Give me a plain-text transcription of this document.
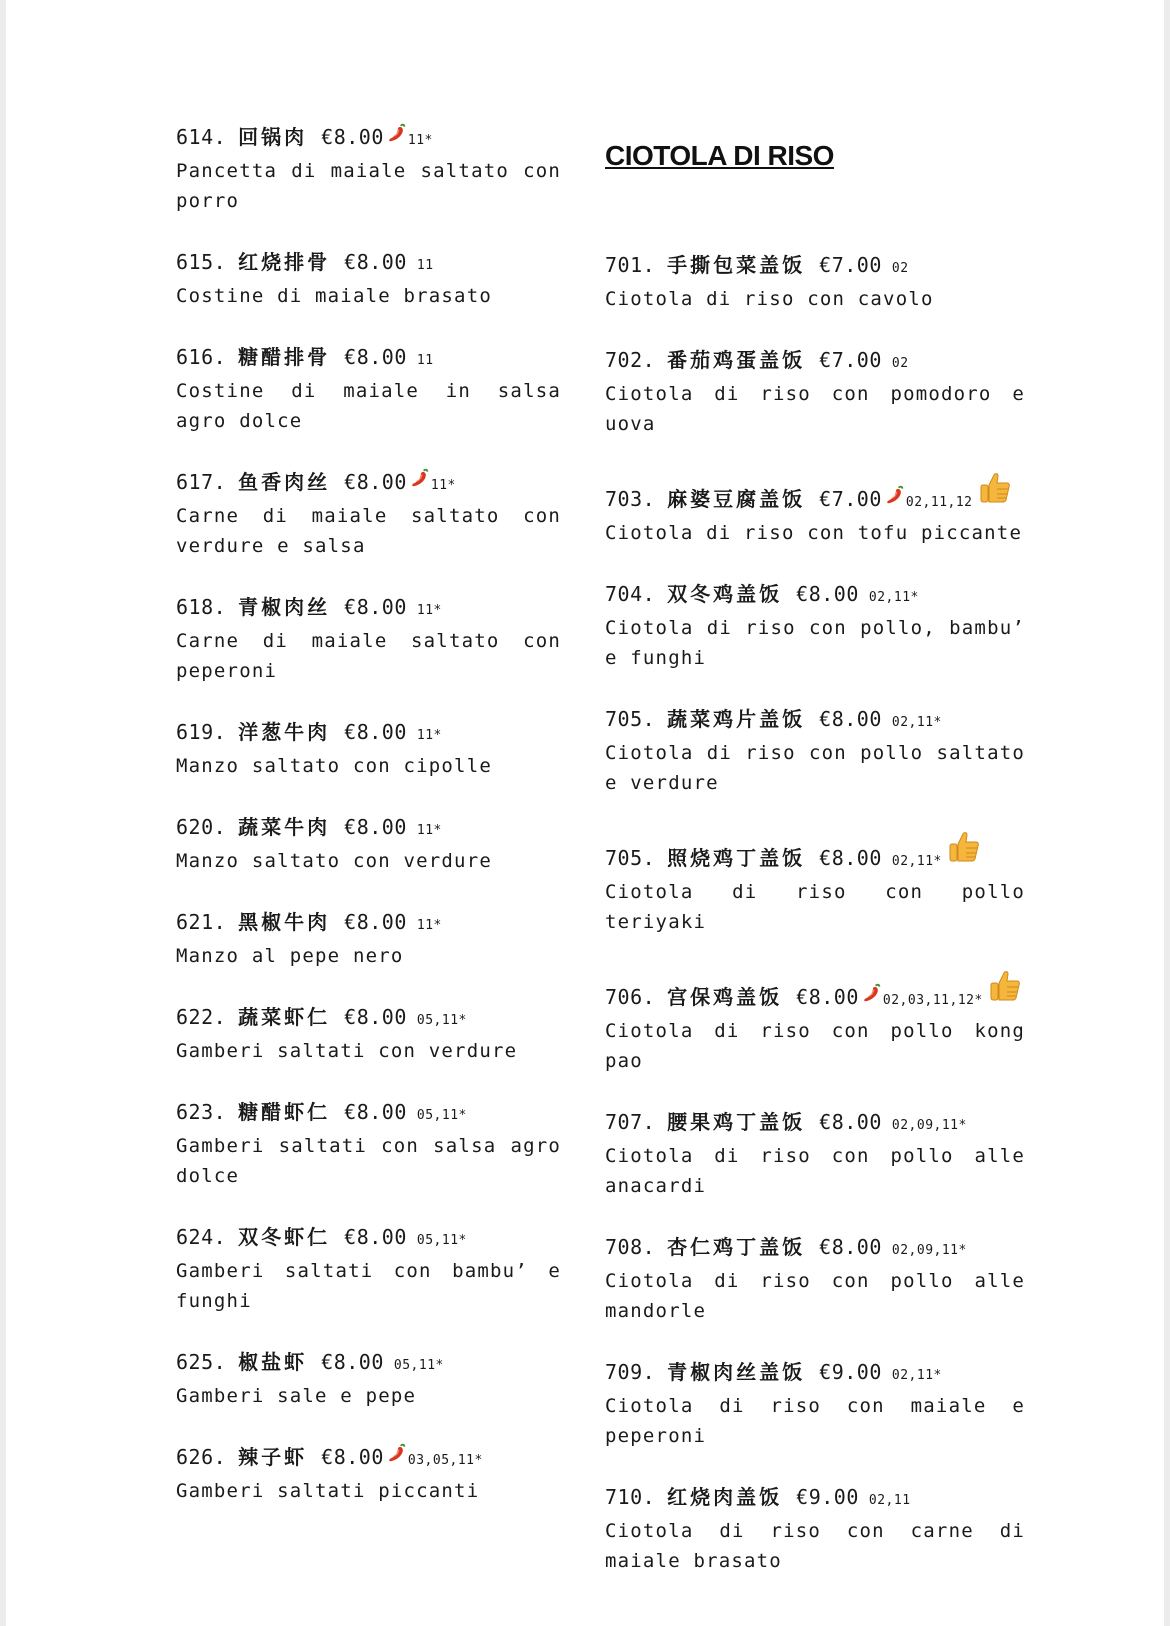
614. 回锅肉 €8.00 11*
Pancetta di maiale saltato con porro
615. 红烧排骨 €8.00 11
Costine di maiale brasato
616. 糖醋排骨 €8.00 11
Costine di maiale in salsa agro dolce
617. 鱼香肉丝 €8.00 11*
Carne di maiale saltato con verdure e salsa
618. 青椒肉丝 €8.00 11*
Carne di maiale saltato con peperoni
619. 洋葱牛肉 €8.00 11*
Manzo saltato con cipolle
620. 蔬菜牛肉 €8.00 11*
Manzo saltato con verdure
621. 黑椒牛肉 €8.00 11*
Manzo al pepe nero
622. 蔬菜虾仁 €8.00 05,11*
Gamberi saltati con verdure
623. 糖醋虾仁 €8.00 05,11*
Gamberi saltati con salsa agro dolce
624. 双冬虾仁 €8.00 05,11*
Gamberi saltati con bambu’ e funghi
625. 椒盐虾 €8.00 05,11*
Gamberi sale e pepe
626. 辣子虾 €8.00 03,05,11*
Gamberi saltati piccanti
CIOTOLA DI RISO
701. 手撕包菜盖饭 €7.00 02
Ciotola di riso con cavolo
702. 番茄鸡蛋盖饭 €7.00 02
Ciotola di riso con pomodoro e uova
703. 麻婆豆腐盖饭 €7.00 02,11,12
Ciotola di riso con tofu piccante
704. 双冬鸡盖饭 €8.00 02,11*
Ciotola di riso con pollo, bambu’ e funghi
705. 蔬菜鸡片盖饭 €8.00 02,11*
Ciotola di riso con pollo saltato e verdure
705. 照烧鸡丁盖饭 €8.00 02,11*
Ciotola di riso con pollo teriyaki
706. 宫保鸡盖饭 €8.00 02,03,11,12*
Ciotola di riso con pollo kong pao
707. 腰果鸡丁盖饭 €8.00 02,09,11*
Ciotola di riso con pollo alle anacardi
708. 杏仁鸡丁盖饭 €8.00 02,09,11*
Ciotola di riso con pollo alle mandorle
709. 青椒肉丝盖饭 €9.00 02,11*
Ciotola di riso con maiale e peperoni
710. 红烧肉盖饭 €9.00 02,11
Ciotola di riso con carne di maiale brasato
